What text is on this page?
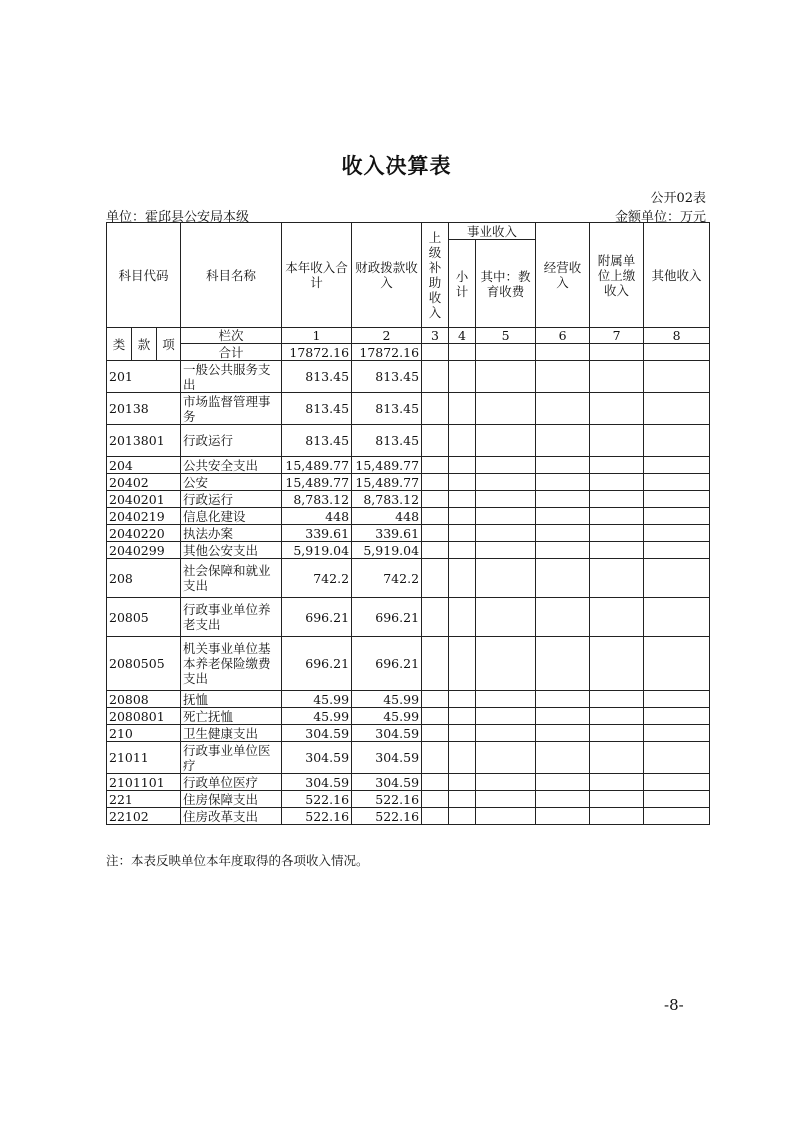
收入决算表
公开02表
单位：霍邱县公安局本级	金额单位：万元
科目代码			科目名称	本年收入合计	财政拨款收入	上级补助收入	事业收入		经营收入	附属单位上缴收入	其他收入
							小计	其中：教育收费			
类	款	项	栏次	1	2	3	4	5	6	7	8
			合计	17872.16	17872.16						
201			一般公共服务支出	813.45	813.45						
20138			市场监督管理事务	813.45	813.45						
2013801			行政运行	813.45	813.45						
204			公共安全支出	15,489.77	15,489.77						
20402			公安	15,489.77	15,489.77						
2040201			行政运行	8,783.12	8,783.12						
2040219			信息化建设	448	448						
2040220			执法办案	339.61	339.61						
2040299			其他公安支出	5,919.04	5,919.04						
208			社会保障和就业支出	742.2	742.2						
20805			行政事业单位养老支出	696.21	696.21						
2080505			机关事业单位基本养老保险缴费支出	696.21	696.21						
20808			抚恤	45.99	45.99						
2080801			死亡抚恤	45.99	45.99						
210			卫生健康支出	304.59	304.59						
21011			行政事业单位医疗	304.59	304.59						
2101101			行政单位医疗	304.59	304.59						
221			住房保障支出	522.16	522.16						
22102			住房改革支出	522.16	522.16						
注：本表反映单位本年度取得的各项收入情况。
-8-
